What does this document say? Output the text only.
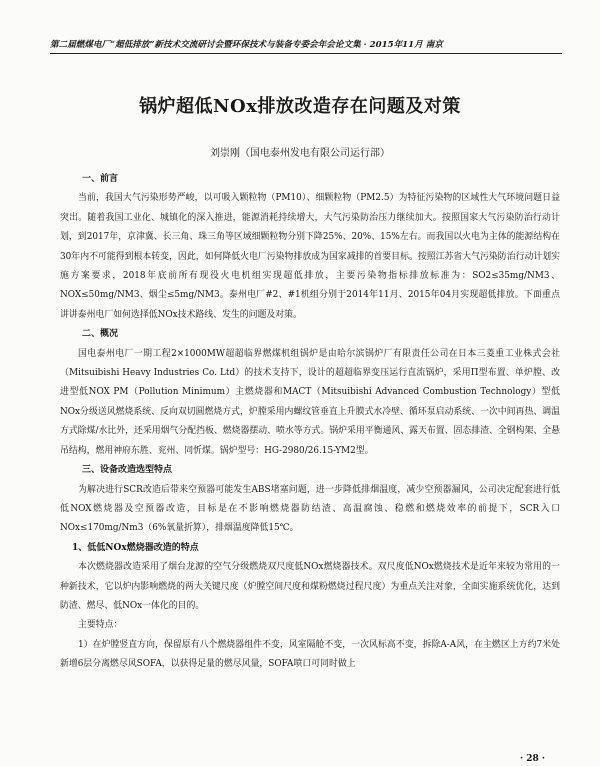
第二届燃煤电厂“超低排放”新技术交流研讨会暨环保技术与装备专委会年会论文集 · 2015年11月 南京
锅炉超低NOx排放改造存在问题及对策
刘崇刚（国电泰州发电有限公司运行部）

一、前言

当前，我国大气污染形势严峻，以可吸入颗粒物（PM10）、细颗粒物（PM2.5）为特征污染物的区域性大气环境问题日益突出。随着我国工业化、城镇化的深入推进，能源消耗持续增大，大气污染防治压力继续加大。按照国家大气污染防治行动计划，到2017年，京津冀、长三角、珠三角等区域细颗粒物分别下降25%、20%、15%左右。而我国以火电为主体的能源结构在30年内不可能得到根本转变，因此，如何降低火电厂污染物排放成为国家减排的首要目标。按照江苏省大气污染防治行动计划实施方案要求，2018年底前所有现役火电机组实现超低排放，主要污染物指标排放标准为：SO2≤35mg/NM3、NOX≤50mg/NM3、烟尘≤5mg/NM3。泰州电厂#2、#1机组分别于2014年11月、2015年04月实现超低排放。下面重点讲讲泰州电厂如何选择低NOx技术路线、发生的问题及对策。

二、概况

国电泰州电厂一期工程2×1000MW超超临界燃煤机组锅炉是由哈尔滨锅炉厂有限责任公司在日本三菱重工业株式会社（Mitsuibishi Heavy Industries Co. Ltd）的技术支持下，设计的超超临界变压运行直流锅炉，采用Π型布置、单炉膛、改进型低NOX PM（Pollution Minimum）主燃烧器和MACT（Mitsuibishi Advanced Combustion Technology）型低NOx分级送风燃烧系统、反向双切圆燃烧方式，炉膛采用内螺纹管垂直上升膜式水冷壁、循环泵启动系统、一次中间再热、调温方式除煤/水比外，还采用烟气分配挡板、燃烧器摆动、喷水等方式。锅炉采用平衡通风、露天布置、固态排渣、全钢构架、全悬吊结构，燃用神府东胜、兖州、同忻煤。锅炉型号：HG-2980/26.15-YM2型。

三、设备改造选型特点

为解决进行SCR改造后带来空预器可能发生ABS堵塞问题，进一步降低排烟温度，减少空预器漏风，公司决定配套进行低低NOX燃烧器及空预器改造，目标是在不影响燃烧器防结渣、高温腐蚀、稳燃和燃烧效率的前提下，SCR入口NOx≤170mg/Nm3（6%氧量折算），排烟温度降低15℃。

1、低低NOx燃烧器改造的特点

本次燃烧器改造采用了烟台龙源的空气分级燃烧双尺度低NOx燃烧器技术。双尺度低NOx燃烧技术是近年来较为常用的一种新技术，它以炉内影响燃烧的两大关键尺度（炉膛空间尺度和煤粉燃烧过程尺度）为重点关注对象，全面实施系统优化，达到防渣、燃尽、低NOx一体化的目的。

主要特点：

1）在炉膛竖直方向，保留原有八个燃烧器组件不变，风室隔舱不变，一次风标高不变，拆除A-A风，在主燃区上方约7米处新增6层分离燃尽风SOFA，以获得足量的燃尽风量，SOFA喷口可同时做上

· 28 ·
